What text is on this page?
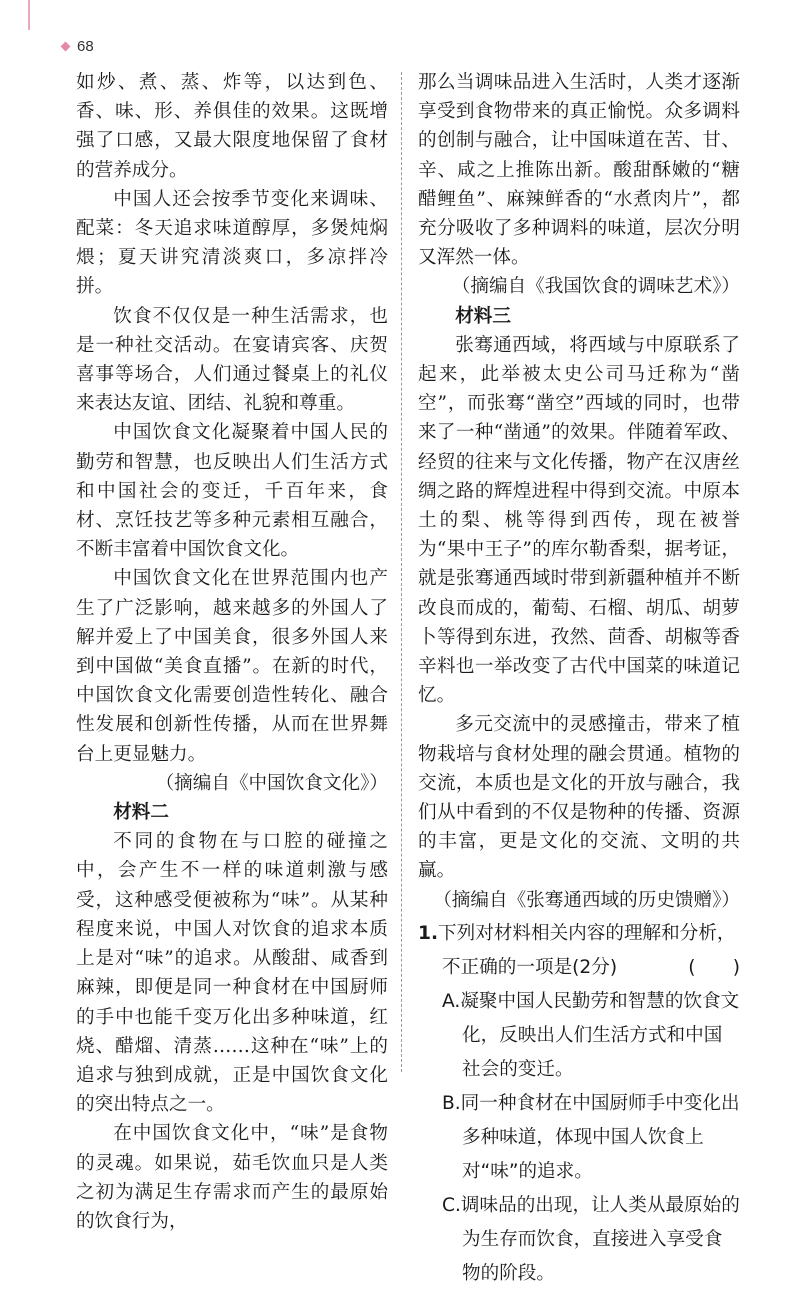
68

如炒、煮、蒸、炸等，以达到色、香、味、形、养俱佳的效果。这既增强了口感，又最大限度地保留了食材的营养成分。

中国人还会按季节变化来调味、配菜：冬天追求味道醇厚，多煲炖焖煨；夏天讲究清淡爽口，多凉拌冷拼。

饮食不仅仅是一种生活需求，也是一种社交活动。在宴请宾客、庆贺喜事等场合，人们通过餐桌上的礼仪来表达友谊、团结、礼貌和尊重。

中国饮食文化凝聚着中国人民的勤劳和智慧，也反映出人们生活方式和中国社会的变迁，千百年来，食材、烹饪技艺等多种元素相互融合，不断丰富着中国饮食文化。

中国饮食文化在世界范围内也产生了广泛影响，越来越多的外国人了解并爱上了中国美食，很多外国人来到中国做“美食直播”。在新的时代，中国饮食文化需要创造性转化、融合性发展和创新性传播，从而在世界舞台上更显魅力。

（摘编自《中国饮食文化》）

材料二

不同的食物在与口腔的碰撞之中，会产生不一样的味道刺激与感受，这种感受便被称为“味”。从某种程度来说，中国人对饮食的追求本质上是对“味”的追求。从酸甜、咸香到麻辣，即便是同一种食材在中国厨师的手中也能千变万化出多种味道，红烧、醋熘、清蒸……这种在“味”上的追求与独到成就，正是中国饮食文化的突出特点之一。

在中国饮食文化中，“味”是食物的灵魂。如果说，茹毛饮血只是人类之初为满足生存需求而产生的最原始的饮食行为，

那么当调味品进入生活时，人类才逐渐享受到食物带来的真正愉悦。众多调料的创制与融合，让中国味道在苦、甘、辛、咸之上推陈出新。酸甜酥嫩的“糖醋鲤鱼”、麻辣鲜香的“水煮肉片”，都充分吸收了多种调料的味道，层次分明又浑然一体。

（摘编自《我国饮食的调味艺术》）

材料三

张骞通西域，将西域与中原联系了起来，此举被太史公司马迁称为“凿空”，而张骞“凿空”西域的同时，也带来了一种“凿通”的效果。伴随着军政、经贸的往来与文化传播，物产在汉唐丝绸之路的辉煌进程中得到交流。中原本土的梨、桃等得到西传，现在被誉为“果中王子”的库尔勒香梨，据考证，就是张骞通西域时带到新疆种植并不断改良而成的，葡萄、石榴、胡瓜、胡萝卜等得到东进，孜然、茴香、胡椒等香辛料也一举改变了古代中国菜的味道记忆。

多元交流中的灵感撞击，带来了植物栽培与食材处理的融会贯通。植物的交流，本质也是文化的开放与融合，我们从中看到的不仅是物种的传播、资源的丰富，更是文化的交流、文明的共赢。

（摘编自《张骞通西域的历史馈赠》）

1.下列对材料相关内容的理解和分析，不正确的一项是(2分)	(　　)
A.凝聚中国人民勤劳和智慧的饮食文化，反映出人们生活方式和中国社会的变迁。
B.同一种食材在中国厨师手中变化出多种味道，体现中国人饮食上对“味”的追求。
C.调味品的出现，让人类从最原始的为生存而饮食，直接进入享受食物的阶段。
